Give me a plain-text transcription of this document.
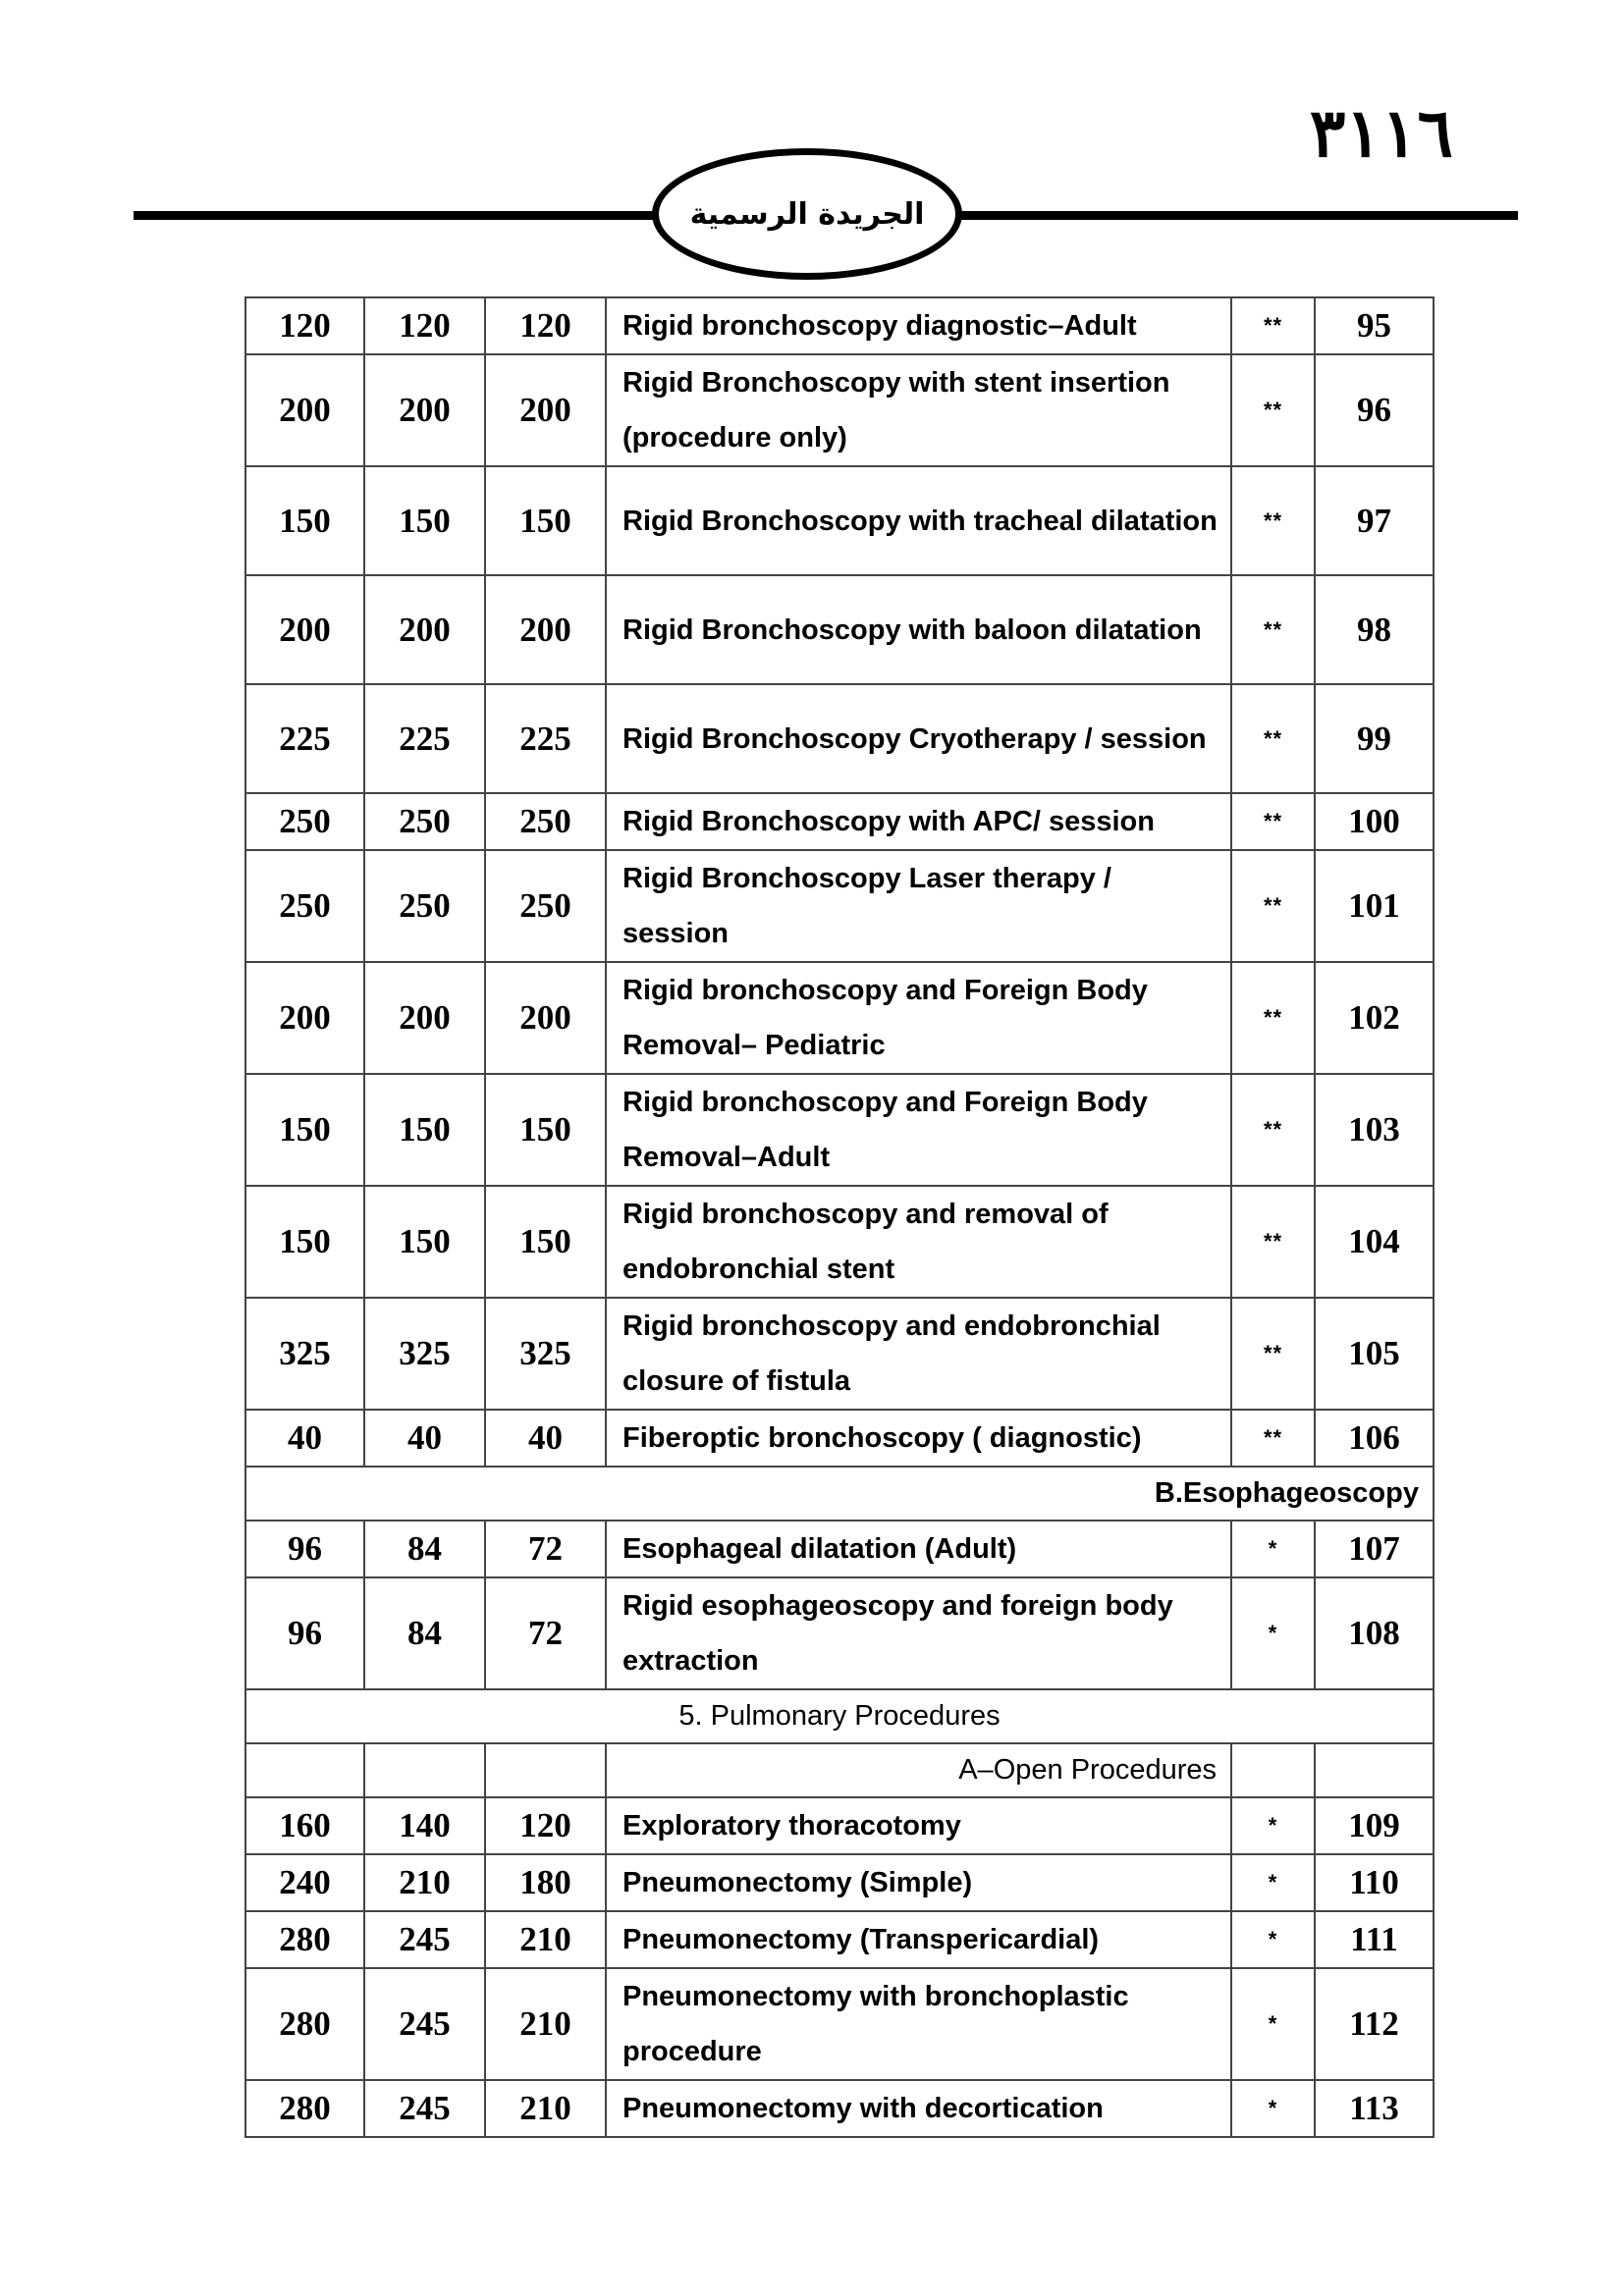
٣١١٦
الجريدة الرسمية
120	120	120	Rigid bronchoscopy diagnostic–Adult	**	95
200	200	200	Rigid Bronchoscopy with stent insertion (procedure only)	**	96
150	150	150	Rigid Bronchoscopy with tracheal dilatation	**	97
200	200	200	Rigid Bronchoscopy with baloon dilatation	**	98
225	225	225	Rigid Bronchoscopy Cryotherapy / session	**	99
250	250	250	Rigid Bronchoscopy with APC/ session	**	100
250	250	250	Rigid Bronchoscopy Laser therapy / session	**	101
200	200	200	Rigid bronchoscopy and Foreign Body Removal– Pediatric	**	102
150	150	150	Rigid bronchoscopy and Foreign Body Removal–Adult	**	103
150	150	150	Rigid bronchoscopy and removal of endobronchial stent	**	104
325	325	325	Rigid bronchoscopy and endobronchial closure of fistula	**	105
40	40	40	Fiberoptic bronchoscopy ( diagnostic)	**	106
B.Esophageoscopy					
96	84	72	Esophageal dilatation (Adult)	*	107
96	84	72	Rigid esophageoscopy and foreign body extraction	*	108
5. Pulmonary Procedures					
			A–Open Procedures		
160	140	120	Exploratory thoracotomy	*	109
240	210	180	Pneumonectomy (Simple)	*	110
280	245	210	Pneumonectomy (Transpericardial)	*	111
280	245	210	Pneumonectomy with bronchoplastic procedure	*	112
280	245	210	Pneumonectomy with decortication	*	113
